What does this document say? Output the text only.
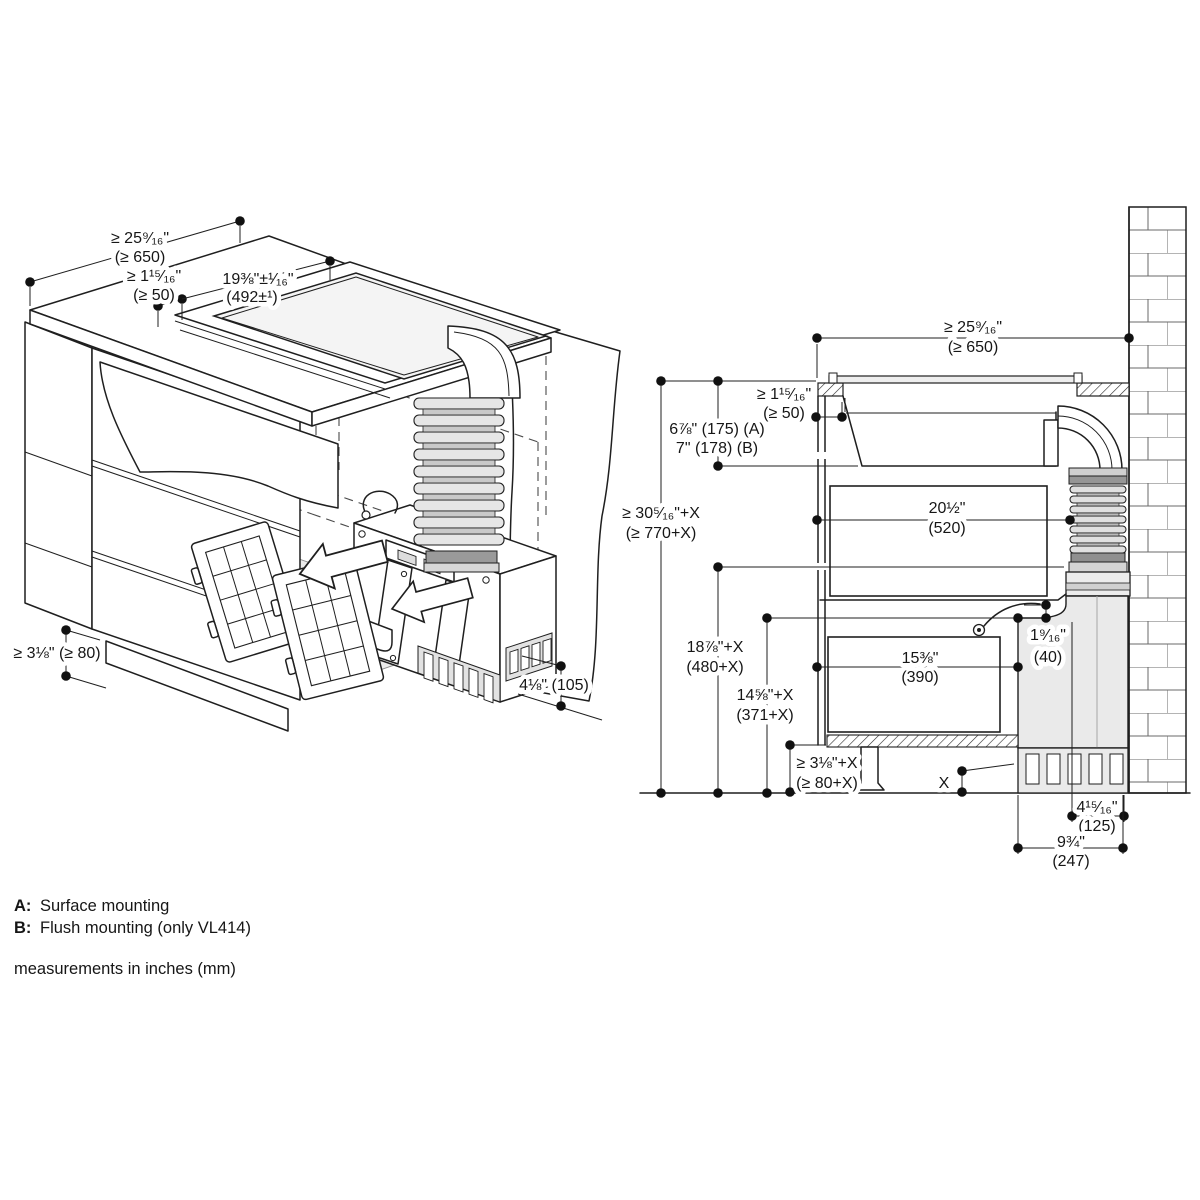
≥ 25⁹⁄₁₆"
(≥ 650)
≥ 1¹⁵⁄₁₆"
(≥ 50)
19⅜"±¹⁄₁₆"
(492±¹)
≥ 3⅛" (≥ 80)
4⅛" (105)
≥ 25⁹⁄₁₆"
(≥ 650)
≥ 1¹⁵⁄₁₆"
(≥ 50)
6⅞" (175) (A)
7" (178) (B)
≥ 30⁵⁄₁₆"+X
(≥ 770+X)
20½"
(520)
18⅞"+X
(480+X)
14⅝"+X
(371+X)
15⅜"
(390)
1⁹⁄₁₆"
(40)
≥ 3⅛"+X
(≥ 80+X)	X
4¹⁵⁄₁₆"
(125)
9¾"
(247)
A: Surface mounting
B: Flush mounting (only VL414)
measurements in inches (mm)
